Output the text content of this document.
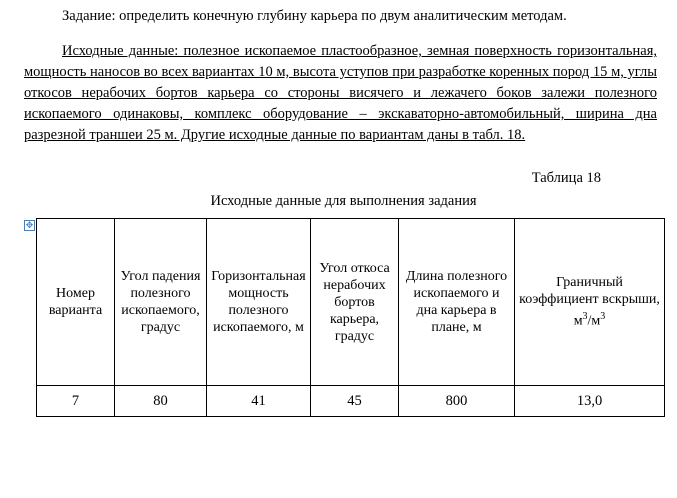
Задание: определить конечную глубину карьера по двум аналитическим методам.

Исходные данные: полезное ископаемое пластообразное, земная поверхность горизонтальная, мощность наносов во всех вариантах 10 м, высота уступов при разработке коренных пород 15 м, углы откосов нерабочих бортов карьера со стороны висячего и лежачего боков залежи полезного ископаемого одинаковы, комплекс оборудование – экскаваторно-автомобильный, ширина дна разрезной траншеи 25 м. Другие исходные данные по вариантам даны в табл. 18.

Таблица 18

Исходные данные для выполнения задания

✥
Номер варианта	Угол падения полезного ископаемого, градус	Горизонтальная мощность полезного ископаемого, м	Угол откоса нерабочих бортов карьера, градус	Длина полезного ископаемого и дна карьера в плане, м	Граничный коэффициент вскрыши, $м^3/м^3$
7	80	41	45	800	13,0
